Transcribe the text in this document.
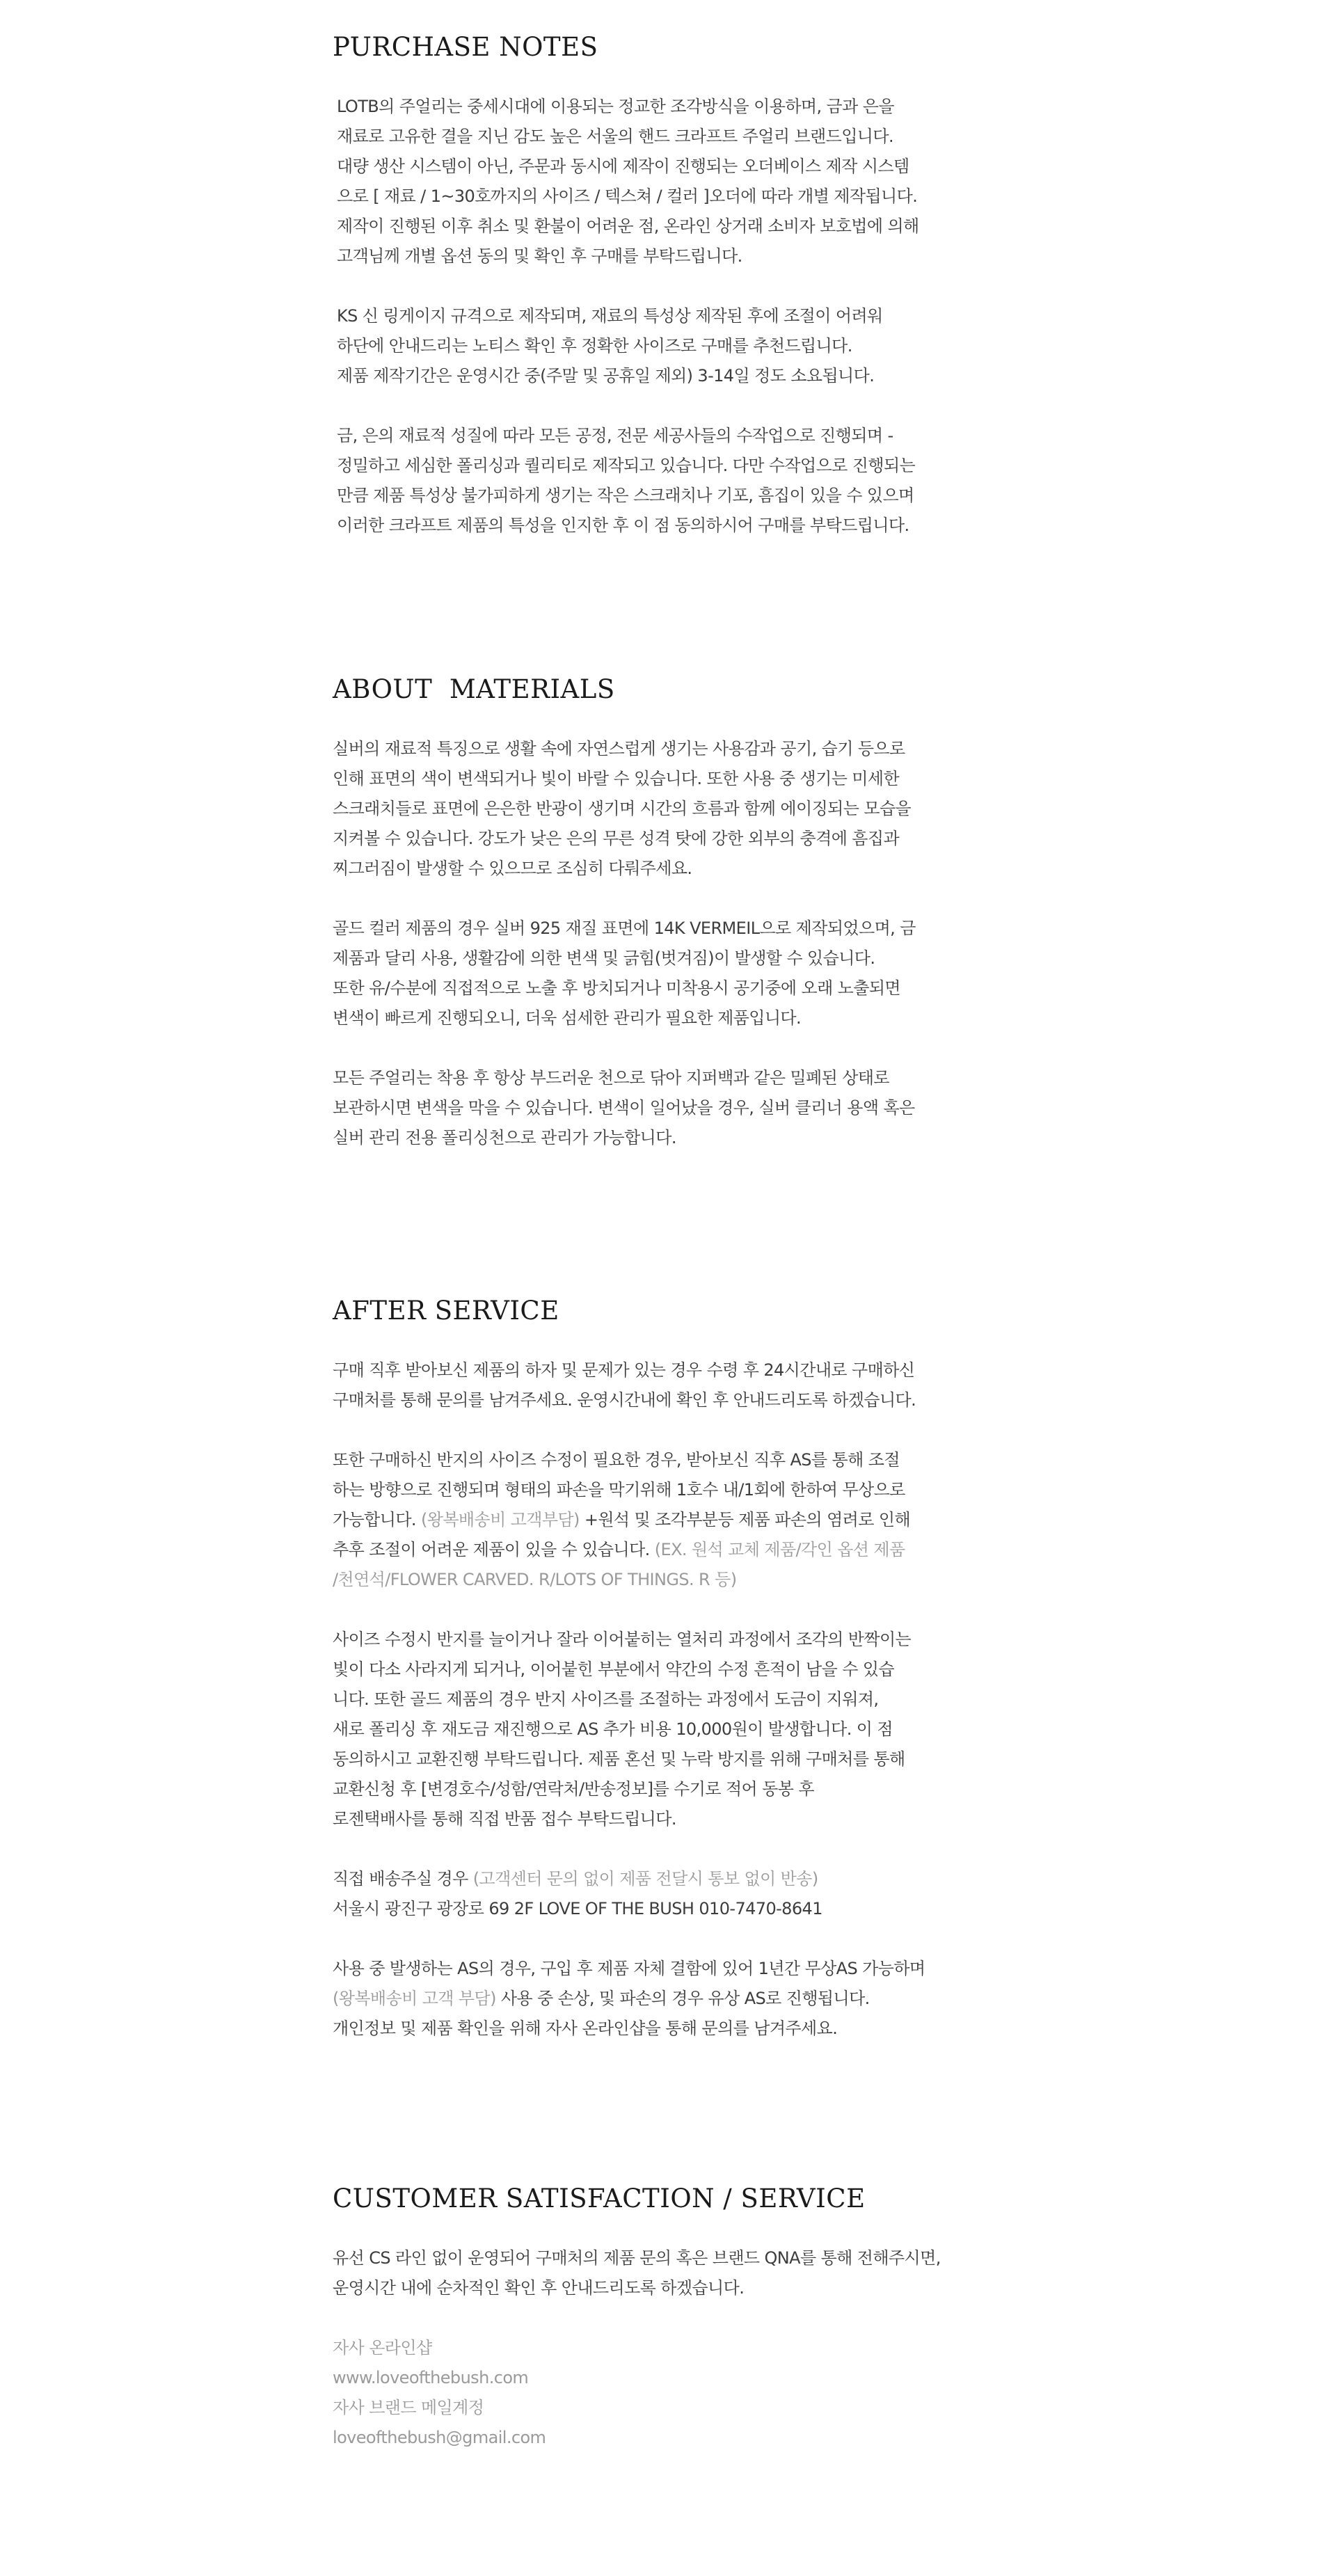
PURCHASE NOTES

LOTB의 주얼리는 중세시대에 이용되는 정교한 조각방식을 이용하며, 금과 은을
재료로 고유한 결을 지닌 감도 높은 서울의 핸드 크라프트 주얼리 브랜드입니다.
대량 생산 시스템이 아닌, 주문과 동시에 제작이 진행되는 오더베이스 제작 시스템
으로 [ 재료 / 1~30호까지의 사이즈 / 텍스쳐 / 컬러 ]오더에 따라 개별 제작됩니다.
제작이 진행된 이후 취소 및 환불이 어려운 점, 온라인 상거래 소비자 보호법에 의해
고객님께 개별 옵션 동의 및 확인 후 구매를 부탁드립니다.

KS 신 링게이지 규격으로 제작되며, 재료의 특성상 제작된 후에 조절이 어려워
하단에 안내드리는 노티스 확인 후 정확한 사이즈로 구매를 추천드립니다.
제품 제작기간은 운영시간 중(주말 및 공휴일 제외) 3-14일 정도 소요됩니다.

금, 은의 재료적 성질에 따라 모든 공정, 전문 세공사들의 수작업으로 진행되며 -
정밀하고 세심한 폴리싱과 퀄리티로 제작되고 있습니다. 다만 수작업으로 진행되는
만큼 제품 특성상 불가피하게 생기는 작은 스크래치나 기포, 흠집이 있을 수 있으며
이러한 크라프트 제품의 특성을 인지한 후 이 점 동의하시어 구매를 부탁드립니다.

ABOUT  MATERIALS

실버의 재료적 특징으로 생활 속에 자연스럽게 생기는 사용감과 공기, 습기 등으로
인해 표면의 색이 변색되거나 빛이 바랄 수 있습니다. 또한 사용 중 생기는 미세한
스크래치들로 표면에 은은한 반광이 생기며 시간의 흐름과 함께 에이징되는 모습을
지켜볼 수 있습니다. 강도가 낮은 은의 무른 성격 탓에 강한 외부의 충격에 흠집과
찌그러짐이 발생할 수 있으므로 조심히 다뤄주세요.

골드 컬러 제품의 경우 실버 925 재질 표면에 14K VERMEIL으로 제작되었으며, 금
제품과 달리 사용, 생활감에 의한 변색 및 긁힘(벗겨짐)이 발생할 수 있습니다.
또한 유/수분에 직접적으로 노출 후 방치되거나 미착용시 공기중에 오래 노출되면
변색이 빠르게 진행되오니, 더욱 섬세한 관리가 필요한 제품입니다.

모든 주얼리는 착용 후 항상 부드러운 천으로 닦아 지퍼백과 같은 밀폐된 상태로
보관하시면 변색을 막을 수 있습니다. 변색이 일어났을 경우, 실버 클리너 용액 혹은
실버 관리 전용 폴리싱천으로 관리가 가능합니다.

AFTER SERVICE

구매 직후 받아보신 제품의 하자 및 문제가 있는 경우 수령 후 24시간내로 구매하신
구매처를 통해 문의를 남겨주세요. 운영시간내에 확인 후 안내드리도록 하겠습니다.

또한 구매하신 반지의 사이즈 수정이 필요한 경우, 받아보신 직후 AS를 통해 조절
하는 방향으로 진행되며 형태의 파손을 막기위해 1호수 내/1회에 한하여 무상으로
가능합니다. (왕복배송비 고객부담) +원석 및 조각부분등 제품 파손의 염려로 인해
추후 조절이 어려운 제품이 있을 수 있습니다. (EX. 원석 교체 제품/각인 옵션 제품
/천연석/FLOWER CARVED. R/LOTS OF THINGS. R 등)

사이즈 수정시 반지를 늘이거나 잘라 이어붙히는 열처리 과정에서 조각의 반짝이는
빛이 다소 사라지게 되거나, 이어붙힌 부분에서 약간의 수정 흔적이 남을 수 있습
니다. 또한 골드 제품의 경우 반지 사이즈를 조절하는 과정에서 도금이 지워져,
새로 폴리싱 후 재도금 재진행으로 AS 추가 비용 10,000원이 발생합니다. 이 점
동의하시고 교환진행 부탁드립니다. 제품 혼선 및 누락 방지를 위해 구매처를 통해
교환신청 후 [변경호수/성함/연락처/반송정보]를 수기로 적어 동봉 후
로젠택배사를 통해 직접 반품 접수 부탁드립니다.

직접 배송주실 경우 (고객센터 문의 없이 제품 전달시 통보 없이 반송)
서울시 광진구 광장로 69 2F LOVE OF THE BUSH 010-7470-8641

사용 중 발생하는 AS의 경우, 구입 후 제품 자체 결함에 있어 1년간 무상AS 가능하며
(왕복배송비 고객 부담) 사용 중 손상, 및 파손의 경우 유상 AS로 진행됩니다.
개인정보 및 제품 확인을 위해 자사 온라인샵을 통해 문의를 남겨주세요.

CUSTOMER SATISFACTION / SERVICE

유선 CS 라인 없이 운영되어 구매처의 제품 문의 혹은 브랜드 QNA를 통해 전해주시면,
운영시간 내에 순차적인 확인 후 안내드리도록 하겠습니다.

자사 온라인샵
www.loveofthebush.com
자사 브랜드 메일계정
loveofthebush@gmail.com
